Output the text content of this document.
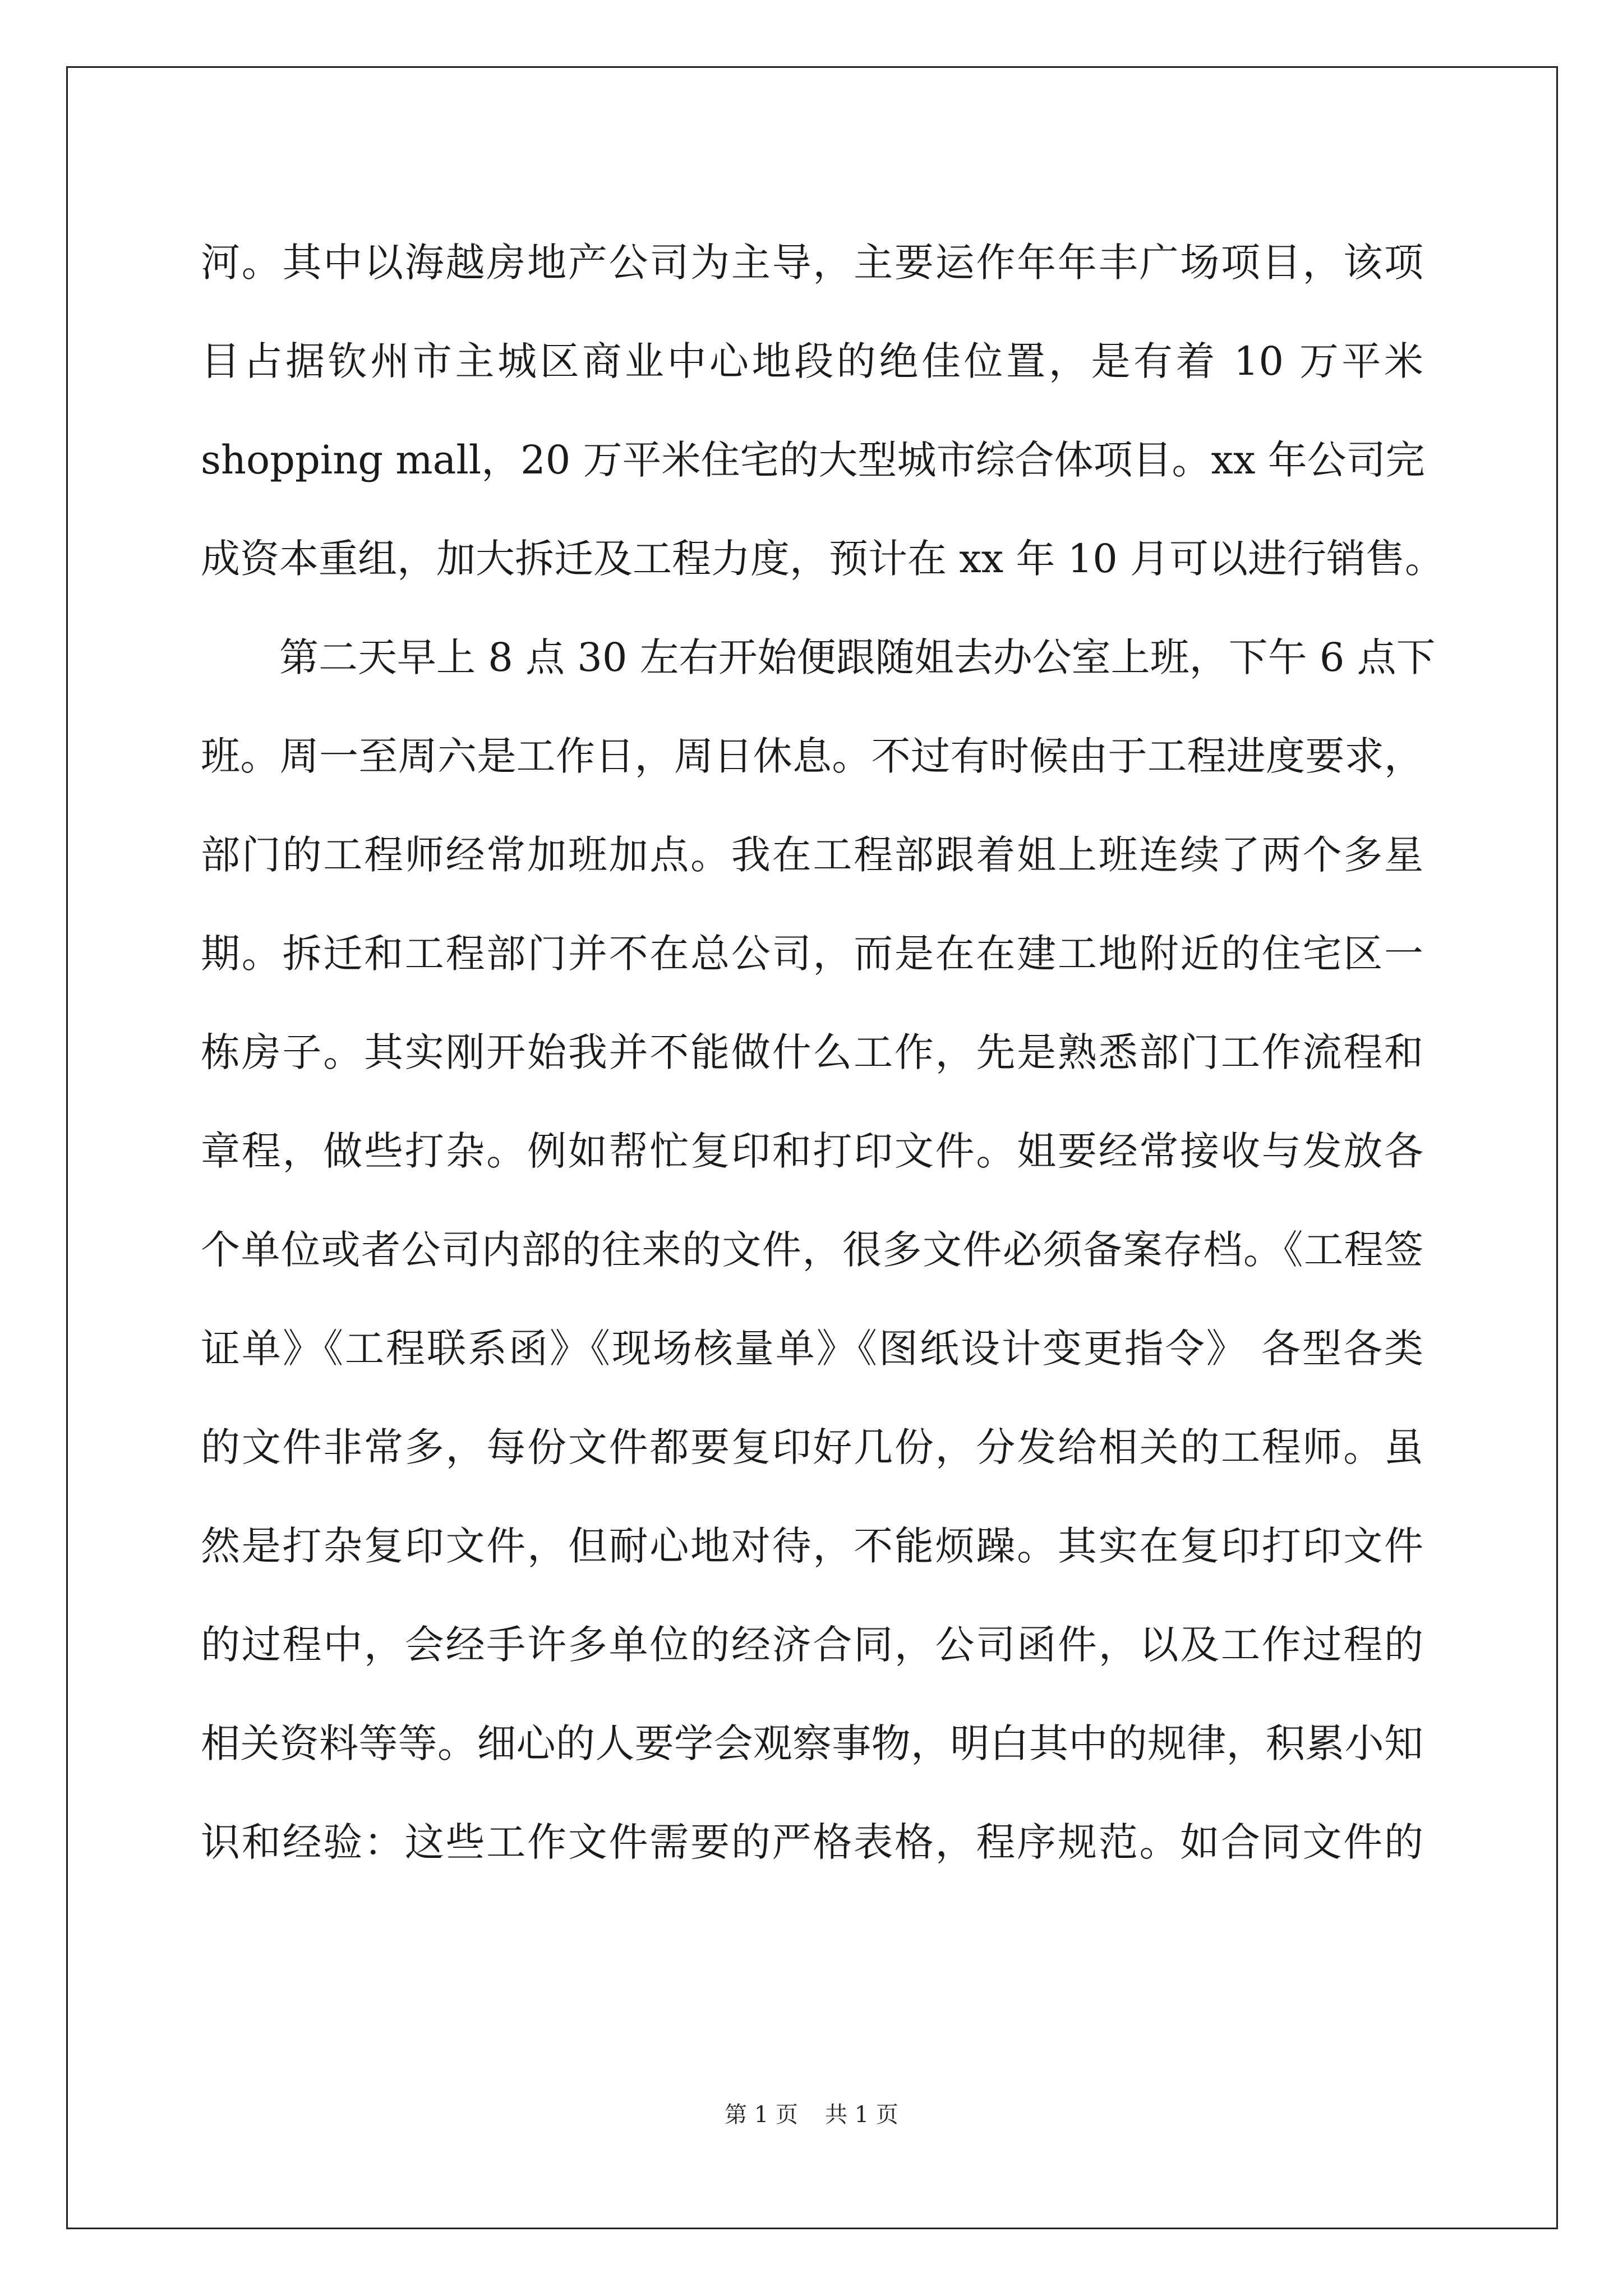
河。其中以海越房地产公司为主导，主要运作年年丰广场项目，该项
目占据钦州市主城区商业中心地段的绝佳位置，是有着 10 万平米
shopping mall，20 万平米住宅的大型城市综合体项目。xx 年公司完
成资本重组，加大拆迁及工程力度，预计在 xx 年 10 月可以进行销售。
　　第二天早上 8 点 30 左右开始便跟随姐去办公室上班，下午 6 点下
班。周一至周六是工作日，周日休息。不过有时候由于工程进度要求，
部门的工程师经常加班加点。我在工程部跟着姐上班连续了两个多星
期。拆迁和工程部门并不在总公司，而是在在建工地附近的住宅区一
栋房子。其实刚开始我并不能做什么工作，先是熟悉部门工作流程和
章程，做些打杂。例如帮忙复印和打印文件。姐要经常接收与发放各
个单位或者公司内部的往来的文件，很多文件必须备案存档。《工程签
证单》《工程联系函》《现场核量单》《图纸设计变更指令》 各型各类
的文件非常多，每份文件都要复印好几份，分发给相关的工程师。虽
然是打杂复印文件，但耐心地对待，不能烦躁。其实在复印打印文件
的过程中，会经手许多单位的经济合同，公司函件，以及工作过程的
相关资料等等。细心的人要学会观察事物，明白其中的规律，积累小知
识和经验：这些工作文件需要的严格表格，程序规范。如合同文件的
第 1 页 共 1 页
